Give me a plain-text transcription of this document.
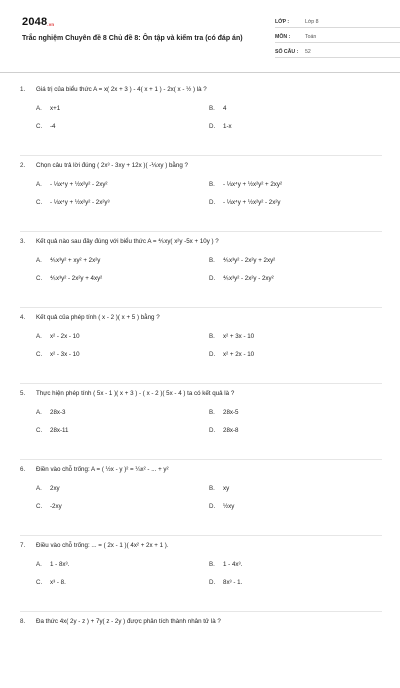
$2048_{.vn}$
Trắc nghiệm Chuyên đề 8 Chủ đề 8: Ôn tập và kiểm tra (có đáp án)
LỚP :	Lớp 8
MÔN :	Toán
SỐ CÂU :	52
1.	Giá trị của biểu thức A = x( 2x + 3 ) - 4( x + 1 ) - 2x( x - ½ ) là ?
A.	x+1	B.	4
C.	-4	D.	1-x
2.	Chọn câu trả lời đúng ( 2x³ - 3xy + 12x )( -⅙xy ) bằng ?
A.	- ⅓x⁴y + ½x²y² - 2xy²	B.	- ⅓x⁴y + ½x²y² + 2xy²
C.	- ⅓x⁴y + ½x²y² - 2x²y³	D.	- ⅓x⁴y + ½x²y² - 2x²y
3.	Kết quả nào sau đây đúng với biểu thức A = ⅘xy( x²y -5x + 10y ) ?
A.	⅘x³y² + xy² + 2x²y	B.	⅘x³y² - 2x²y + 2xy²
C.	⅘x³y² - 2x²y + 4xy²	D.	⅘x³y² - 2x²y - 2xy²
4.	Kết quả của phép tính ( x - 2 )( x + 5 ) bằng ?
A.	x² - 2x - 10	B.	x² + 3x - 10
C.	x² - 3x - 10	D.	x² + 2x - 10
5.	Thực hiện phép tính ( 5x - 1 )( x + 3 ) - ( x - 2 )( 5x - 4 ) ta có kết quả là ?
A.	28x-3	B.	28x-5
C.	28x-11	D.	28x-8
6.	Điền vào chỗ trống: A = ( ½x - y )² = ¼x² - ... + y²
A.	2xy	B.	xy
C.	-2xy	D.	½xy
7.	Điều vào chỗ trống: ... = ( 2x - 1 )( 4x² + 2x + 1 ).
A.	1 - 8x³.	B.	1 - 4x³.
C.	x³ - 8.	D.	8x³ - 1.
8.	Đa thức 4x( 2y - z ) + 7y( z - 2y ) được phân tích thành nhân tử là ?
